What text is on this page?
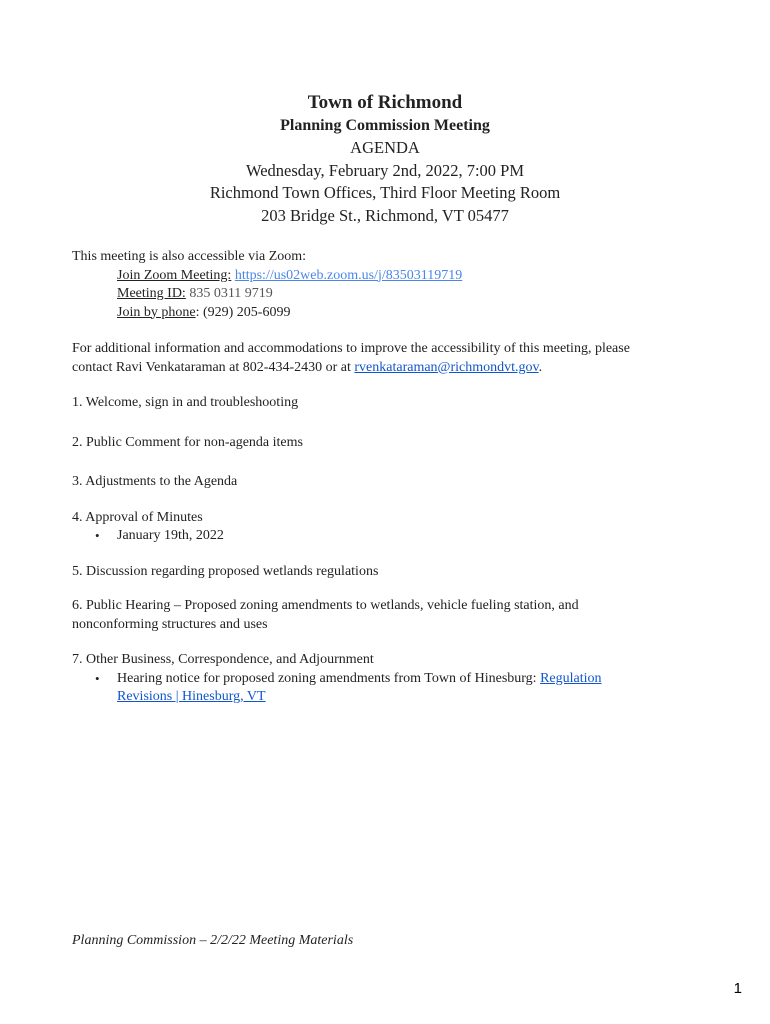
Town of Richmond
Planning Commission Meeting
AGENDA
Wednesday, February 2nd, 2022, 7:00 PM
Richmond Town Offices, Third Floor Meeting Room
203 Bridge St., Richmond, VT 05477
This meeting is also accessible via Zoom:
Join Zoom Meeting: https://us02web.zoom.us/j/83503119719
Meeting ID: 835 0311 9719
Join by phone: (929) 205-6099
For additional information and accommodations to improve the accessibility of this meeting, please
contact Ravi Venkataraman at 802-434-2430 or at rvenkataraman@richmondvt.gov.
1. Welcome, sign in and troubleshooting
2. Public Comment for non-agenda items
3. Adjustments to the Agenda
4. Approval of Minutes
• January 19th, 2022
5. Discussion regarding proposed wetlands regulations
6. Public Hearing – Proposed zoning amendments to wetlands, vehicle fueling station, and
nonconforming structures and uses
7. Other Business, Correspondence, and Adjournment
• Hearing notice for proposed zoning amendments from Town of Hinesburg: Regulation
Revisions | Hinesburg, VT
Planning Commission – 2/2/22 Meeting Materials
1
